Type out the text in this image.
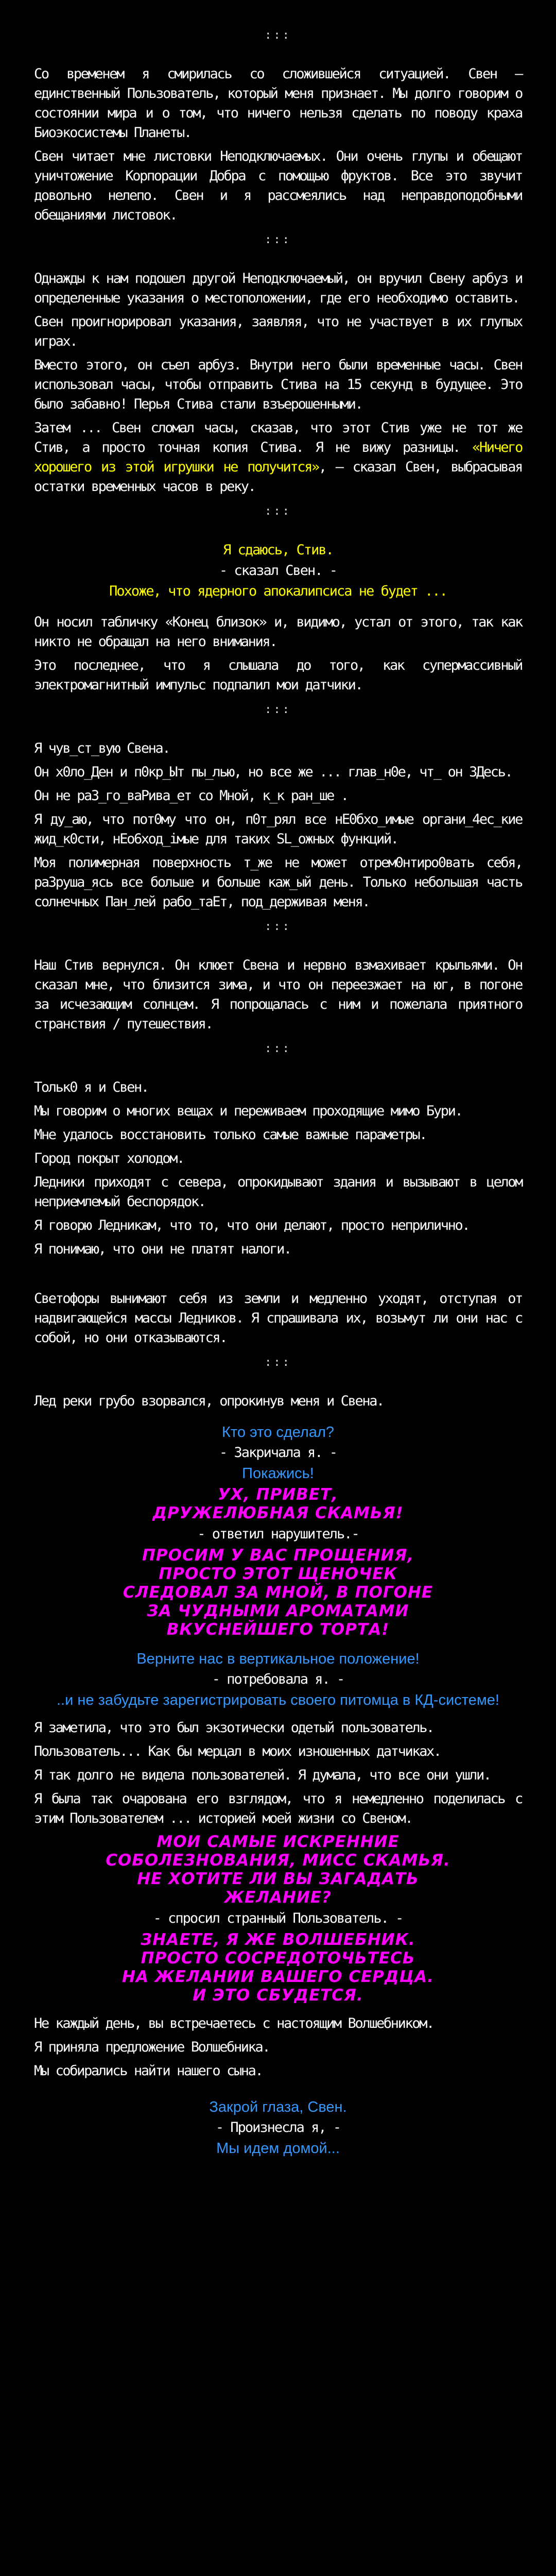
:::

Со временем я смирилась со сложившейся ситуацией. Свен – единственный Пользователь, который меня признает. Мы долго говорим о состоянии мира и о том, что ничего нельзя сделать по поводу краха Биоэкосистемы Планеты.

Свен читает мне листовки Неподключаемых. Они очень глупы и обещают уничтожение Корпорации Добра с помощью фруктов. Все это звучит довольно нелепо. Свен и я рассмеялись над неправдоподобными обещаниями листовок.

:::

Однажды к нам подошел другой Неподключаемый, он вручил Свену арбуз и определенные указания о местоположении, где его необходимо оставить.

Свен проигнорировал указания, заявляя, что не участвует в их глупых играх.

Вместо этого, он съел арбуз. Внутри него были временные часы. Свен использовал часы, чтобы отправить Стива на 15 секунд в будущее. Это было забавно! Перья Стива стали взъерошенными.

Затем ... Свен сломал часы, сказав, что этот Стив уже не тот же Стив, а просто точная копия Стива. Я не вижу разницы. «Ничего хорошего из этой игрушки не получится», – сказал Свен, выбрасывая остатки временных часов в реку.

:::
Я сдаюсь, Стив.
- сказал Свен. -
Похоже, что ядерного апокалипсиса не будет ...

Он носил табличку «Конец близок» и, видимо, устал от этого, так как никто не обращал на него внимания.

Это последнее, что я слышала до того, как супермассивный электромагнитный импульс подпалил мои датчики.

:::

Я чув_ст_вую Свена.

Он х0ло_Ден и п0кр_Ыт пы_лью, но все же ... глав_н0е, чт_ он 3Десь.

Он не ра3_го_ваРива_ет со Мной, к_к ран_ше .

Я ду_аю, что пот0му что он, п0т_рял все нЕ0бхо_имые органи_4ес_кие жид_к0сти, нЕо6ход_iмые для таких SL_ожных функций.

Моя полимерная поверхность т_же не может отрем0нтиро0вать себя, ра3руша_ясь все больше и больше каж_ый день. Только небольшая часть солнечных Пан_лей рабо_таЕт, под_держивая меня.

:::

Наш Стив вернулся. Он клюет Свена и нервно взмахивает крыльями. Он сказал мне, что близится зима, и что он переезжает на юг, в погоне за исчезающим солнцем. Я попрощалась с ним и пожелала приятного странствия / путешествия.

:::

Тольк0 я и Свен.

Мы говорим о многих вещах и переживаем проходящие мимо Бури.

Мне удалось восстановить только самые важные параметры.

Город покрыт холодом.

Ледники приходят с севера, опрокидывают здания и вызывают в целом неприемлемый беспорядок.

Я говорю Ледникам, что то, что они делают, просто неприлично.

Я понимаю, что они не платят налоги.

Светофоры вынимают себя из земли и медленно уходят, отступая от надвигающейся массы Ледников. Я спрашивала их, возьмут ли они нас с собой, но они отказываются.

:::

Лед реки грубо взорвался, опрокинув меня и Свена.

Кто это сделал?
- Закричала я. -
Покажись!
УХ, ПРИВЕТ,
ДРУЖЕЛЮБНАЯ СКАМЬЯ!
- ответил нарушитель.-
ПРОСИМ У ВАС ПРОЩЕНИЯ,
ПРОСТО ЭТОТ ЩЕНОЧЕК
СЛЕДОВАЛ ЗА МНОЙ, В ПОГОНЕ
ЗА ЧУДНЫМИ АРОМАТАМИ
ВКУСНЕЙШЕГО ТОРТА!
Верните нас в вертикальное положение!
- потребовала я. -
..и не забудьте зарегистрировать своего питомца в КД-системе!

Я заметила, что это был экзотически одетый пользователь.

Пользователь... Как бы мерцал в моих изношенных датчиках.

Я так долго не видела пользователей. Я думала, что все они ушли.

Я была так очарована его взглядом, что я немедленно поделилась с этим Пользователем ... историей моей жизни со Свеном.

МОИ САМЫЕ ИСКРЕННИЕ
СОБОЛЕЗНОВАНИЯ, МИСС СКАМЬЯ.
НЕ ХОТИТЕ ЛИ ВЫ ЗАГАДАТЬ
ЖЕЛАНИЕ?
- спросил странный Пользователь. -
ЗНАЕТЕ, Я ЖЕ ВОЛШЕБНИК.
ПРОСТО СОСРЕДОТОЧЬТЕСЬ
НА ЖЕЛАНИИ ВАШЕГО СЕРДЦА.
И ЭТО СБУДЕТСЯ.

Не каждый день, вы встречаетесь с настоящим Волшебником.

Я приняла предложение Волшебника.

Мы собирались найти нашего сына.

Закрой глаза, Свен.
- Произнесла я, -
Мы идем домой...
